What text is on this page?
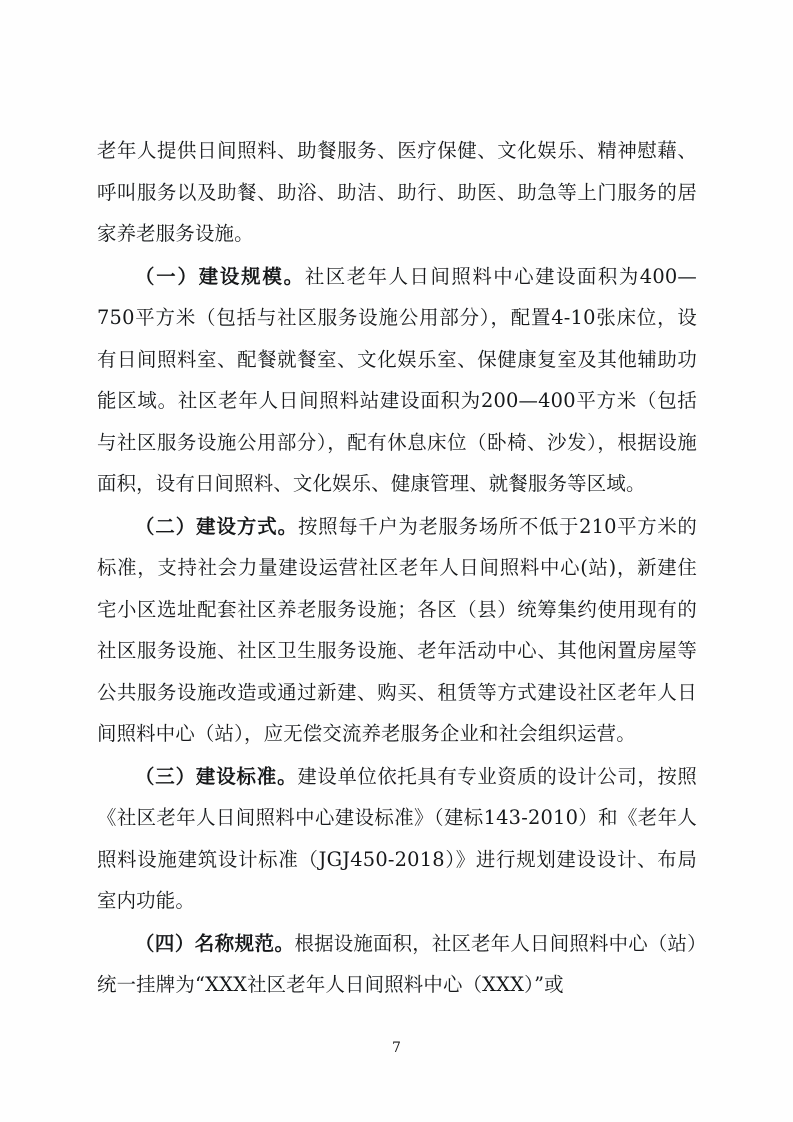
老年人提供日间照料、助餐服务、医疗保健、文化娱乐、精神慰藉、呼叫服务以及助餐、助浴、助洁、助行、助医、助急等上门服务的居家养老服务设施。

（一）建设规模。社区老年人日间照料中心建设面积为400—750平方米（包括与社区服务设施公用部分），配置4-10张床位，设有日间照料室、配餐就餐室、文化娱乐室、保健康复室及其他辅助功能区域。社区老年人日间照料站建设面积为200—400平方米（包括与社区服务设施公用部分），配有休息床位（卧椅、沙发），根据设施面积，设有日间照料、文化娱乐、健康管理、就餐服务等区域。

（二）建设方式。按照每千户为老服务场所不低于210平方米的标准，支持社会力量建设运营社区老年人日间照料中心(站)，新建住宅小区选址配套社区养老服务设施；各区（县）统筹集约使用现有的社区服务设施、社区卫生服务设施、老年活动中心、其他闲置房屋等公共服务设施改造或通过新建、购买、租赁等方式建设社区老年人日间照料中心（站），应无偿交流养老服务企业和社会组织运营。

（三）建设标准。建设单位依托具有专业资质的设计公司，按照《社区老年人日间照料中心建设标准》（建标143-2010）和《老年人照料设施建筑设计标准（JGJ450-2018）》进行规划建设设计、布局室内功能。

（四）名称规范。根据设施面积，社区老年人日间照料中心（站）统一挂牌为“XXX社区老年人日间照料中心（XXX）”或

7
